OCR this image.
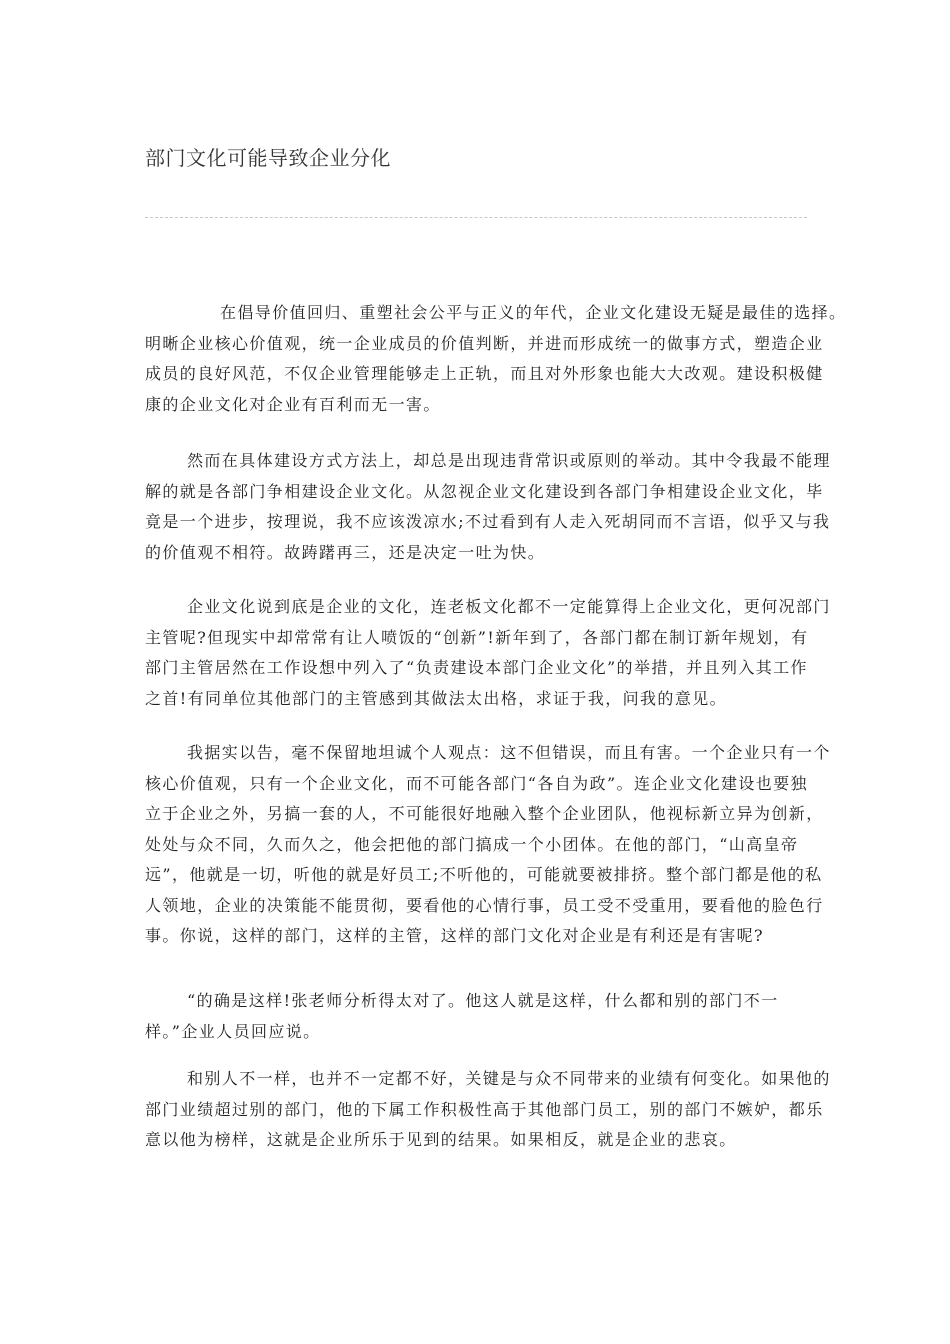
部门文化可能导致企业分化
在倡导价值回归、重塑社会公平与正义的年代，企业文化建设无疑是最佳的选择。
明晰企业核心价值观，统一企业成员的价值判断，并进而形成统一的做事方式，塑造企业
成员的良好风范，不仅企业管理能够走上正轨，而且对外形象也能大大改观。建设积极健
康的企业文化对企业有百利而无一害。
然而在具体建设方式方法上，却总是出现违背常识或原则的举动。其中令我最不能理
解的就是各部门争相建设企业文化。从忽视企业文化建设到各部门争相建设企业文化，毕
竟是一个进步，按理说，我不应该泼凉水;不过看到有人走入死胡同而不言语，似乎又与我
的价值观不相符。故踌躇再三，还是决定一吐为快。
企业文化说到底是企业的文化，连老板文化都不一定能算得上企业文化，更何况部门
主管呢?但现实中却常常有让人喷饭的“创新”!新年到了，各部门都在制订新年规划，有
部门主管居然在工作设想中列入了“负责建设本部门企业文化”的举措，并且列入其工作
之首!有同单位其他部门的主管感到其做法太出格，求证于我，问我的意见。
我据实以告，毫不保留地坦诚个人观点：这不但错误，而且有害。一个企业只有一个
核心价值观，只有一个企业文化，而不可能各部门“各自为政”。连企业文化建设也要独
立于企业之外，另搞一套的人，不可能很好地融入整个企业团队，他视标新立异为创新，
处处与众不同，久而久之，他会把他的部门搞成一个小团体。在他的部门，“山高皇帝
远”，他就是一切，听他的就是好员工;不听他的，可能就要被排挤。整个部门都是他的私
人领地，企业的决策能不能贯彻，要看他的心情行事，员工受不受重用，要看他的脸色行
事。你说，这样的部门，这样的主管，这样的部门文化对企业是有利还是有害呢?
“的确是这样!张老师分析得太对了。他这人就是这样，什么都和别的部门不一
样。”企业人员回应说。
和别人不一样，也并不一定都不好，关键是与众不同带来的业绩有何变化。如果他的
部门业绩超过别的部门，他的下属工作积极性高于其他部门员工，别的部门不嫉妒，都乐
意以他为榜样，这就是企业所乐于见到的结果。如果相反，就是企业的悲哀。
